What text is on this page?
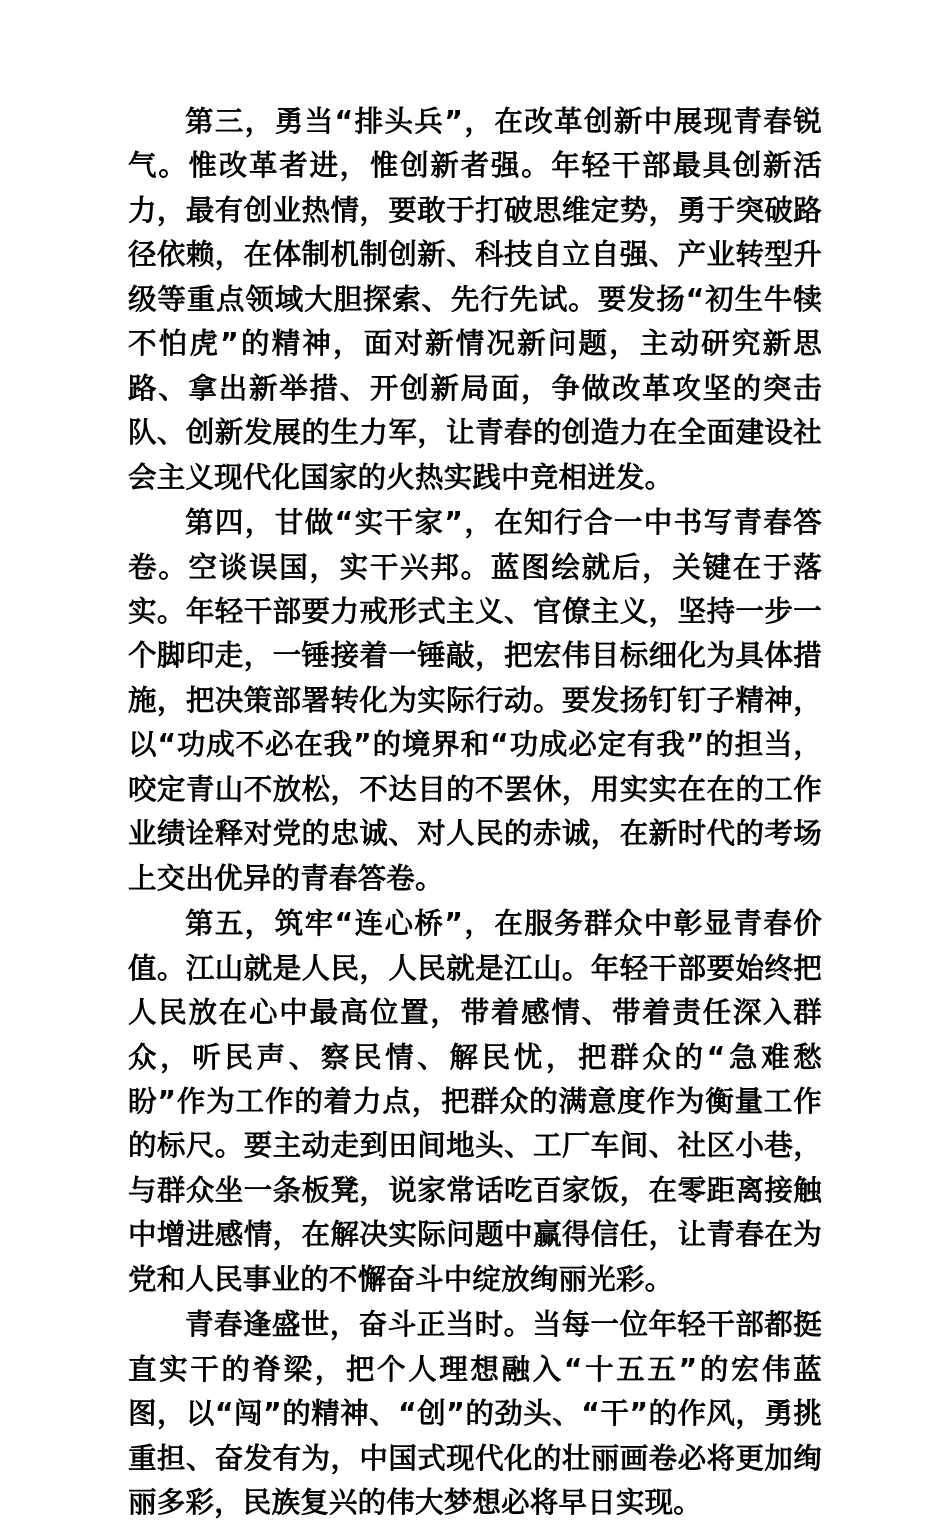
第三，勇当“排头兵”，在改革创新中展现青春锐气。惟改革者进，惟创新者强。年轻干部最具创新活力，最有创业热情，要敢于打破思维定势，勇于突破路径依赖，在体制机制创新、科技自立自强、产业转型升级等重点领域大胆探索、先行先试。要发扬“初生牛犊不怕虎”的精神，面对新情况新问题，主动研究新思路、拿出新举措、开创新局面，争做改革攻坚的突击队、创新发展的生力军，让青春的创造力在全面建设社会主义现代化国家的火热实践中竞相迸发。

第四，甘做“实干家”，在知行合一中书写青春答卷。空谈误国，实干兴邦。蓝图绘就后，关键在于落实。年轻干部要力戒形式主义、官僚主义，坚持一步一个脚印走，一锤接着一锤敲，把宏伟目标细化为具体措施，把决策部署转化为实际行动。要发扬钉钉子精神，以“功成不必在我”的境界和“功成必定有我”的担当，咬定青山不放松，不达目的不罢休，用实实在在的工作业绩诠释对党的忠诚、对人民的赤诚，在新时代的考场上交出优异的青春答卷。

第五，筑牢“连心桥”，在服务群众中彰显青春价值。江山就是人民，人民就是江山。年轻干部要始终把人民放在心中最高位置，带着感情、带着责任深入群众，听民声、察民情、解民忧，把群众的“急难愁盼”作为工作的着力点，把群众的满意度作为衡量工作的标尺。要主动走到田间地头、工厂车间、社区小巷，与群众坐一条板凳，说家常话吃百家饭，在零距离接触中增进感情，在解决实际问题中赢得信任，让青春在为党和人民事业的不懈奋斗中绽放绚丽光彩。

青春逢盛世，奋斗正当时。当每一位年轻干部都挺直实干的脊梁，把个人理想融入“十五五”的宏伟蓝图，以“闯”的精神、“创”的劲头、“干”的作风，勇挑重担、奋发有为，中国式现代化的壮丽画卷必将更加绚丽多彩，民族复兴的伟大梦想必将早日实现。
